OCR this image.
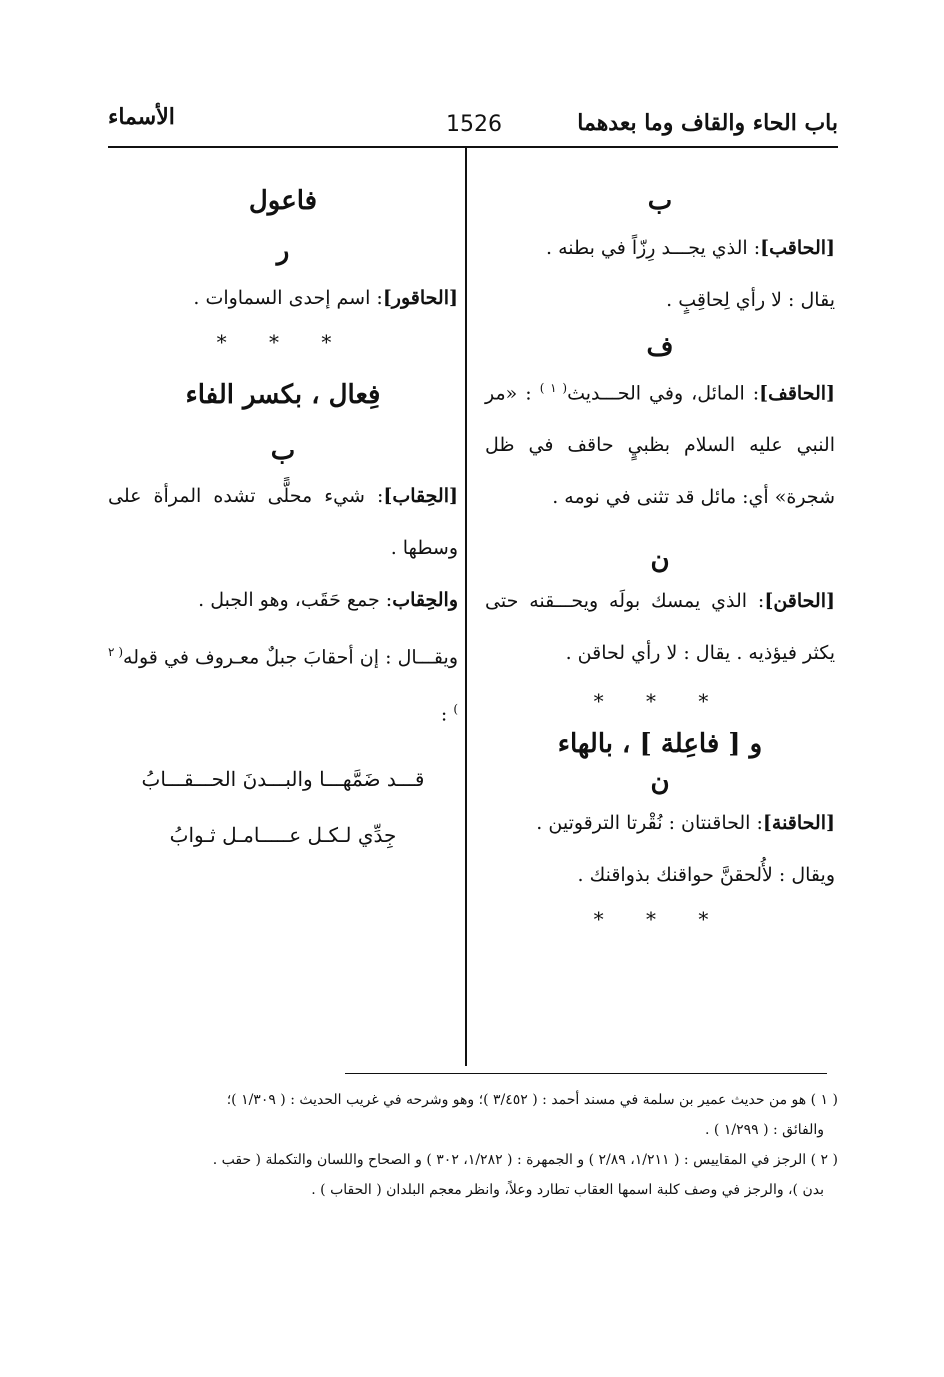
باب الحاء والقاف وما بعدهما
1526
الأسماء
ب
[الحاقب]: الذي يجـــد رِزّاً في بطنه .
يقال : لا رأي لِحاقِبٍ .
ف
[الحاقف]: المائل، وفي الحـــديث$^{( ١ )}$ : «مر النبي عليه السلام بظبيٍ حاقف في ظل شجرة» أي: مائل قد تثنى في نومه .
ن
[الحاقن]: الذي يمسك بولَه ويحـــقنه حتى يكثر فيؤذيه . يقال : لا رأي لحاقن .
* * *
و [ فاعِلة ] ، بالهاء
ن
[الحاقنة]: الحاقنتان : نُقْرتا الترقوتين .
ويقال : لأُلحقنَّ حواقنك بذواقنك .
* * *
فاعول
ر
[الحاقور]: اسم إحدى السماوات .
* * *
فِعال ، بكسر الفاء
ب
[الحِقاب]: شيء محلًّى تشده المرأة على وسطها .
والحِقاب: جمع حَقَب، وهو الجبل .
ويقـــال : إن أحقابَ جبلٌ معـروف في قوله$^{( ٢ )}$ :
قـــد ضَمَّهـــا والبـــدنَ الحـــقـــابُ
جِدِّي لـكـل عـــــامـل ثـوابُ
( ١ ) هو من حديث عمير بن سلمة في مسند أحمد : ( ٣/٤٥٢ )؛ وهو وشرحه في غريب الحديث : ( ١/٣٠٩ )؛
والفائق : ( ١/٢٩٩ ) .
( ٢ ) الرجز في المقاييس : ( ١/٢١١، ٢/٨٩ ) و الجمهرة : ( ١/٢٨٢، ٣٠٢ ) و الصحاح واللسان والتكملة ( حقب .
بدن )، والرجز في وصف كلبة اسمها العقاب تطارد وعلاً، وانظر معجم البلدان ( الحقاب ) .
